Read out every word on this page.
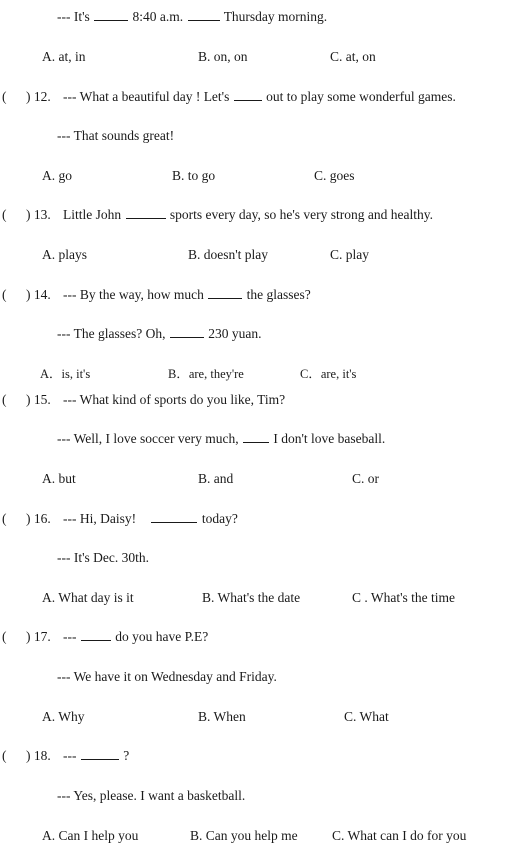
--- It's	8:40 a.m.	Thursday morning.
A. at, in	B. on, on	C. at, on
( ) 12. --- What a beautiful day ! Let's	out to play some wonderful games.
--- That sounds great!
A. go	B. to go	C. goes
( ) 13. Little John	sports every day, so he's very strong and healthy.
A. plays	B. doesn't play	C. play
( ) 14. --- By the way, how much	the glasses?
--- The glasses? Oh,	230 yuan.
A．is, it's	B．are, they're	C．are, it's
( ) 15. --- What kind of sports do you like, Tim?
--- Well, I love soccer very much,	I don't love baseball.
A. but	B. and	C. or
( ) 16. --- Hi, Daisy!	today?
--- It's Dec. 30th.
A. What day is it	B. What's the date	C . What's the time
( ) 17. ---	do you have P.E?
--- We have it on Wednesday and Friday.
A. Why	B. When	C. What
( ) 18. ---	?
--- Yes, please. I want a basketball.
A. Can I help you	B. Can you help me	C. What can I do for you
